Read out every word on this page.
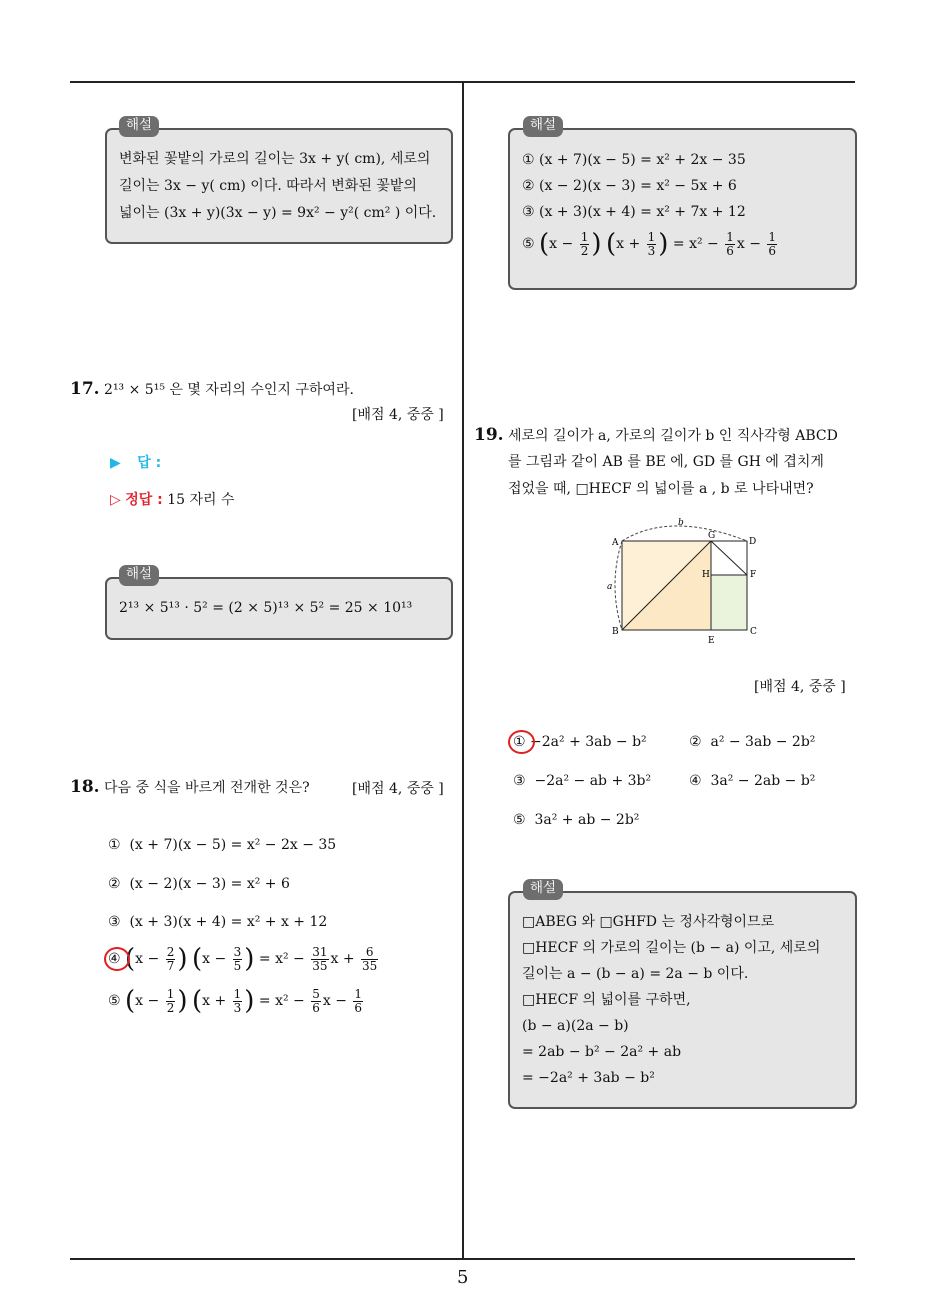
5
변화된 꽃밭의 가로의 길이는 3x + y( cm), 세로의
길이는 3x − y( cm) 이다. 따라서 변화된 꽃밭의
넓이는 (3x + y)(3x − y) = 9x² − y²( cm² ) 이다.
해설
17. 2¹³ × 5¹⁵ 은 몇 자리의 수인지 구하여라.
[배점 4, 중중 ]
▶ 답 :
▷ 정답 : 15 자리 수
2¹³ × 5¹³ · 5² = (2 × 5)¹³ × 5² = 25 × 10¹³
해설
18. 다음 중 식을 바르게 전개한 것은?	[배점 4, 중중 ]
① (x + 7)(x − 5) = x² − 2x − 35
② (x − 2)(x − 3) = x² + 6
③ (x + 3)(x + 4) = x² + x + 12
④ ($x - \frac{2}{7}$ ) ($x - \frac{3}{5}$ ) = $x^2 - \frac{31}{35}$ $x + \frac{6}{35}$
⑤ ($x - \frac{1}{2}$ ) ($x + \frac{1}{3}$ ) = $x^2 - \frac{5}{6}$ $x - \frac{1}{6}$
① (x + 7)(x − 5) = x² + 2x − 35
② (x − 2)(x − 3) = x² − 5x + 6
③ (x + 3)(x + 4) = x² + 7x + 12
⑤ ($x - \frac{1}{2}$ ) ($x + \frac{1}{3}$ ) = $x^2 - \frac{1}{6}$ $x - \frac{1}{6}$
해설
19. 세로의 길이가 a, 가로의 길이가 b 인 직사각형 ABCD
를 그림과 같이 AB 를 BE 에, GD 를 GH 에 겹치게
접었을 때, □HECF 의 넓이를 a , b 로 나타내면?
A
B	C
D
E
F
G
H
a
b
[배점 4, 중중 ]
① −2a² + 3ab − b²	② a² − 3ab − 2b²
③ −2a² − ab + 3b²	④ 3a² − 2ab − b²
⑤ 3a² + ab − 2b²
□ABEG 와 □GHFD 는 정사각형이므로
□HECF 의 가로의 길이는 (b − a) 이고, 세로의
길이는 a − (b − a) = 2a − b 이다.
□HECF 의 넓이를 구하면,
(b − a)(2a − b)
= 2ab − b² − 2a² + ab
= −2a² + 3ab − b²
해설
